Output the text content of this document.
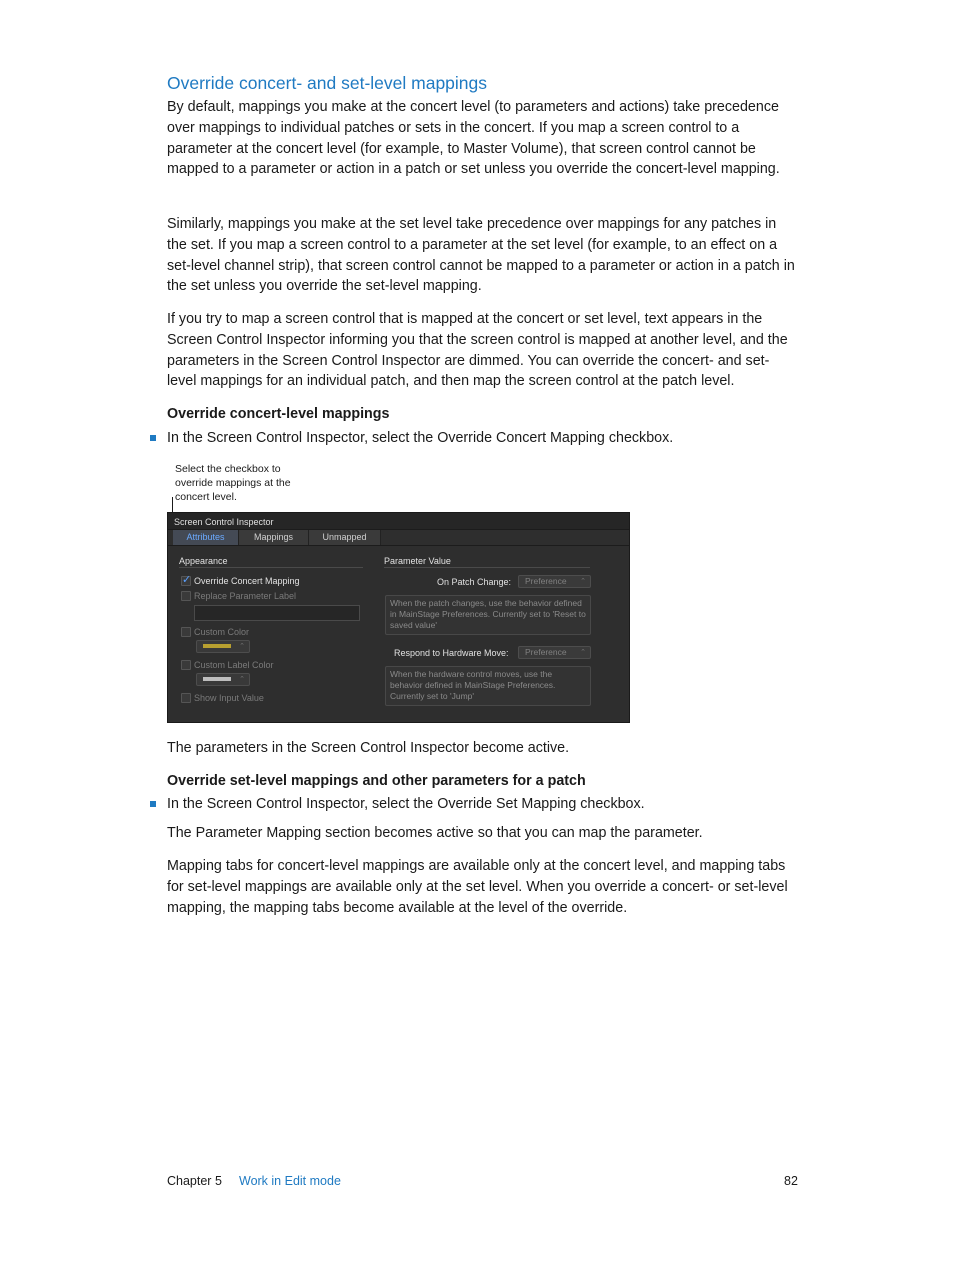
Override concert- and set-level mappings

By default, mappings you make at the concert level (to parameters and actions) take precedence over mappings to individual patches or sets in the concert. If you map a screen control to a parameter at the concert level (for example, to Master Volume), that screen control cannot be mapped to a parameter or action in a patch or set unless you override the concert-level mapping.

Similarly, mappings you make at the set level take precedence over mappings for any patches in the set. If you map a screen control to a parameter at the set level (for example, to an effect on a set-level channel strip), that screen control cannot be mapped to a parameter or action in a patch in the set unless you override the set-level mapping.

If you try to map a screen control that is mapped at the concert or set level, text appears in the Screen Control Inspector informing you that the screen control is mapped at another level, and the parameters in the Screen Control Inspector are dimmed. You can override the concert- and set-level mappings for an individual patch, and then map the screen control at the patch level.

Override concert-level mappings
In the Screen Control Inspector, select the Override Concert Mapping checkbox.
Select the checkbox to override mappings at the concert level.
Screen Control Inspector
Attributes	Mappings	Unmapped
Appearance
✓ Override Concert Mapping
Replace Parameter Label
Custom Color
⌃
Custom Label Color
⌃
Show Input Value
Parameter Value
On Patch Change:	Preference ⌃
When the patch changes, use the behavior defined in MainStage Preferences. Currently set to 'Reset to saved value'
Respond to Hardware Move:	Preference ⌃
When the hardware control moves, use the behavior defined in MainStage Preferences. Currently set to 'Jump'

The parameters in the Screen Control Inspector become active.

Override set-level mappings and other parameters for a patch
In the Screen Control Inspector, select the Override Set Mapping checkbox.

The Parameter Mapping section becomes active so that you can map the parameter.

Mapping tabs for concert-level mappings are available only at the concert level, and mapping tabs for set-level mappings are available only at the set level. When you override a concert- or set-level mapping, the mapping tabs become available at the level of the override.

Chapter 5 Work in Edit mode	82
